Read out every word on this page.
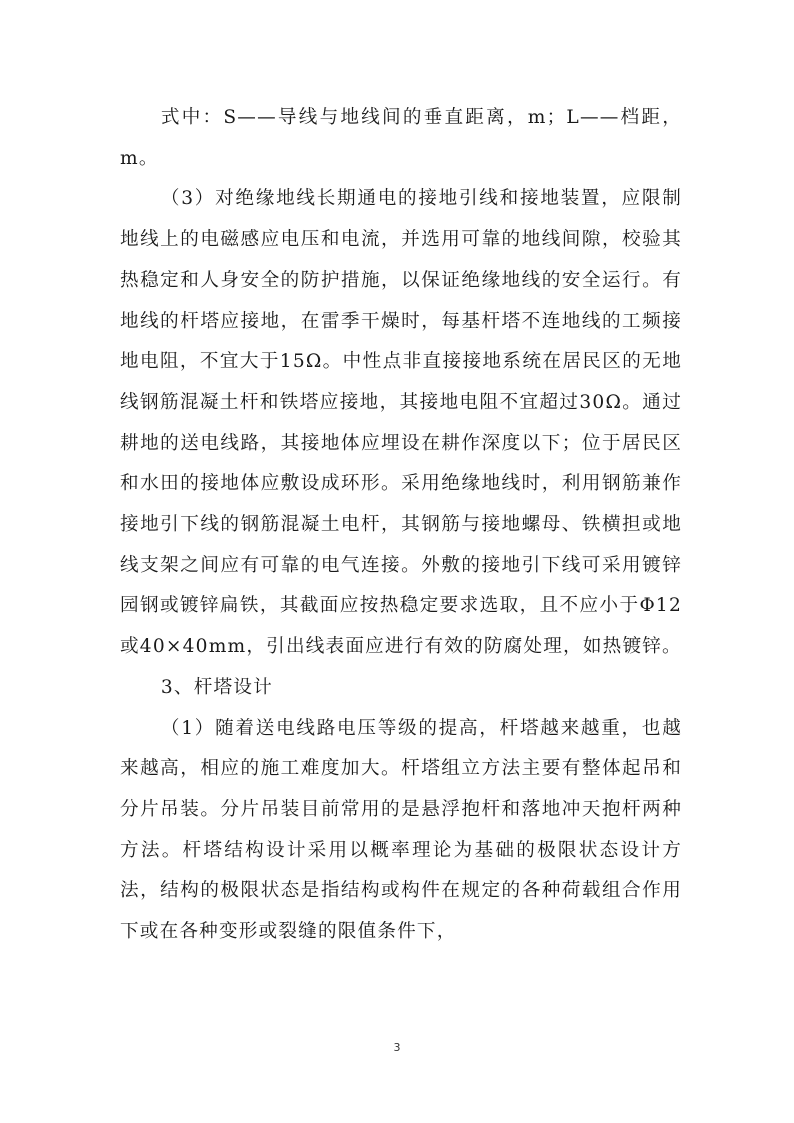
式中：S——导线与地线间的垂直距离，m；L——档距，m。

（3）对绝缘地线长期通电的接地引线和接地装置，应限制地线上的电磁感应电压和电流，并选用可靠的地线间隙，校验其热稳定和人身安全的防护措施，以保证绝缘地线的安全运行。有地线的杆塔应接地，在雷季干燥时，每基杆塔不连地线的工频接地电阻，不宜大于15Ω。中性点非直接接地系统在居民区的无地线钢筋混凝土杆和铁塔应接地，其接地电阻不宜超过30Ω。通过耕地的送电线路，其接地体应埋设在耕作深度以下；位于居民区和水田的接地体应敷设成环形。采用绝缘地线时，利用钢筋兼作接地引下线的钢筋混凝土电杆，其钢筋与接地螺母、铁横担或地线支架之间应有可靠的电气连接。外敷的接地引下线可采用镀锌园钢或镀锌扁铁，其截面应按热稳定要求选取，且不应小于Φ12或40×40mm，引出线表面应进行有效的防腐处理，如热镀锌。

3、杆塔设计

（1）随着送电线路电压等级的提高，杆塔越来越重，也越来越高，相应的施工难度加大。杆塔组立方法主要有整体起吊和分片吊装。分片吊装目前常用的是悬浮抱杆和落地冲天抱杆两种方法。杆塔结构设计采用以概率理论为基础的极限状态设计方法，结构的极限状态是指结构或构件在规定的各种荷载组合作用下或在各种变形或裂缝的限值条件下，

3
